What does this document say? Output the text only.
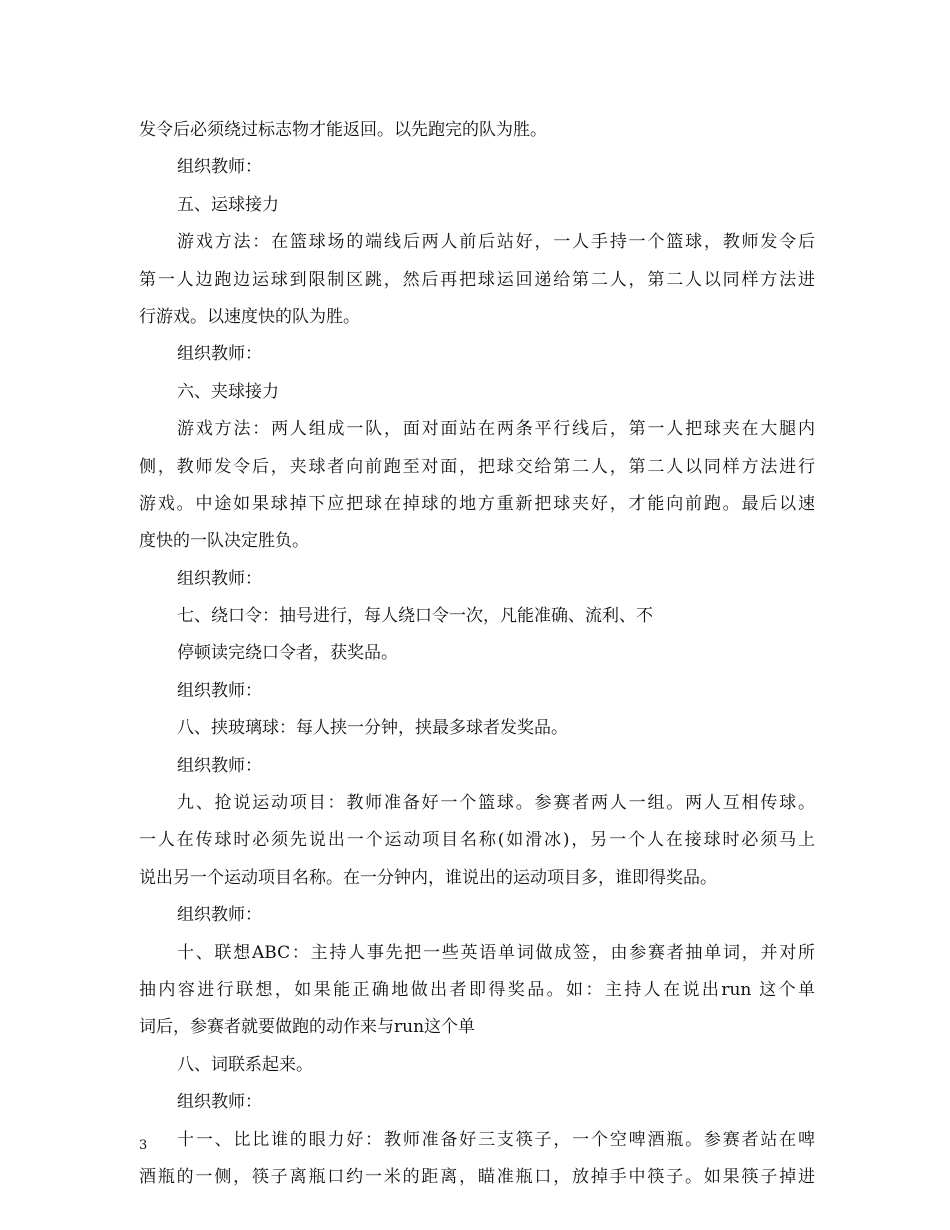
发令后必须绕过标志物才能返回。以先跑完的队为胜。
组织教师：
五、运球接力
游戏方法：在篮球场的端线后两人前后站好，一人手持一个篮球，教师发令后
第一人边跑边运球到限制区跳，然后再把球运回递给第二人，第二人以同样方法进
行游戏。以速度快的队为胜。
组织教师：
六、夹球接力
游戏方法：两人组成一队，面对面站在两条平行线后，第一人把球夹在大腿内
侧，教师发令后，夹球者向前跑至对面，把球交给第二人，第二人以同样方法进行
游戏。中途如果球掉下应把球在掉球的地方重新把球夹好，才能向前跑。最后以速
度快的一队决定胜负。
组织教师：
七、绕口令：抽号进行，每人绕口令一次，凡能准确、流利、不
停顿读完绕口令者，获奖品。
组织教师：
八、挟玻璃球：每人挟一分钟，挟最多球者发奖品。
组织教师：
九、抢说运动项目：教师准备好一个篮球。参赛者两人一组。两人互相传球。
一人在传球时必须先说出一个运动项目名称(如滑冰)，另一个人在接球时必须马上
说出另一个运动项目名称。在一分钟内，谁说出的运动项目多，谁即得奖品。
组织教师：
十、联想ABC：主持人事先把一些英语单词做成签，由参赛者抽单词，并对所
抽内容进行联想，如果能正确地做出者即得奖品。如：主持人在说出run 这个单
词后，参赛者就要做跑的动作来与run这个单
八、词联系起来。
组织教师：
十一、比比谁的眼力好：教师准备好三支筷子，一个空啤酒瓶。参赛者站在啤
酒瓶的一侧，筷子离瓶口约一米的距离，瞄准瓶口，放掉手中筷子。如果筷子掉进
3
